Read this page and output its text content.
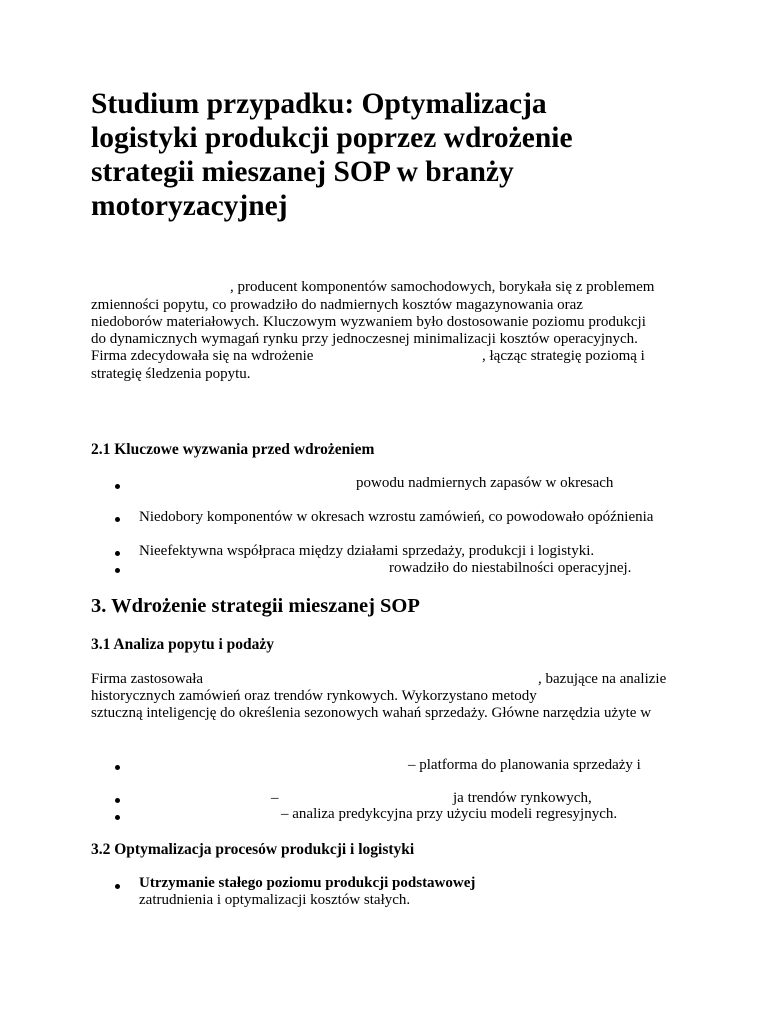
Studium przypadku: Optymalizacja
logistyki produkcji poprzez wdrożenie
strategii mieszanej SOP w branży
motoryzacyjnej
, producent komponentów samochodowych, borykała się z problemem
zmienności popytu, co prowadziło do nadmiernych kosztów magazynowania oraz
niedoborów materiałowych. Kluczowym wyzwaniem było dostosowanie poziomu produkcji
do dynamicznych wymagań rynku przy jednoczesnej minimalizacji kosztów operacyjnych.
Firma zdecydowała się na wdrożenie	, łącząc strategię poziomą i
strategię śledzenia popytu.
2.1 Kluczowe wyzwania przed wdrożeniem
powodu nadmiernych zapasów w okresach
Niedobory komponentów w okresach wzrostu zamówień, co powodowało opóźnienia
Nieefektywna współpraca między działami sprzedaży, produkcji i logistyki.
rowadziło do niestabilności operacyjnej.
3. Wdrożenie strategii mieszanej SOP
3.1 Analiza popytu i podaży
Firma zastosowała	, bazujące na analizie
historycznych zamówień oraz trendów rynkowych. Wykorzystano metody
sztuczną inteligencję do określenia sezonowych wahań sprzedaży. Główne narzędzia użyte w
– platforma do planowania sprzedaży i
–	ja trendów rynkowych,
– analiza predykcyjna przy użyciu modeli regresyjnych.
3.2 Optymalizacja procesów produkcji i logistyki
Utrzymanie stałego poziomu produkcji podstawowej
zatrudnienia i optymalizacji kosztów stałych.
